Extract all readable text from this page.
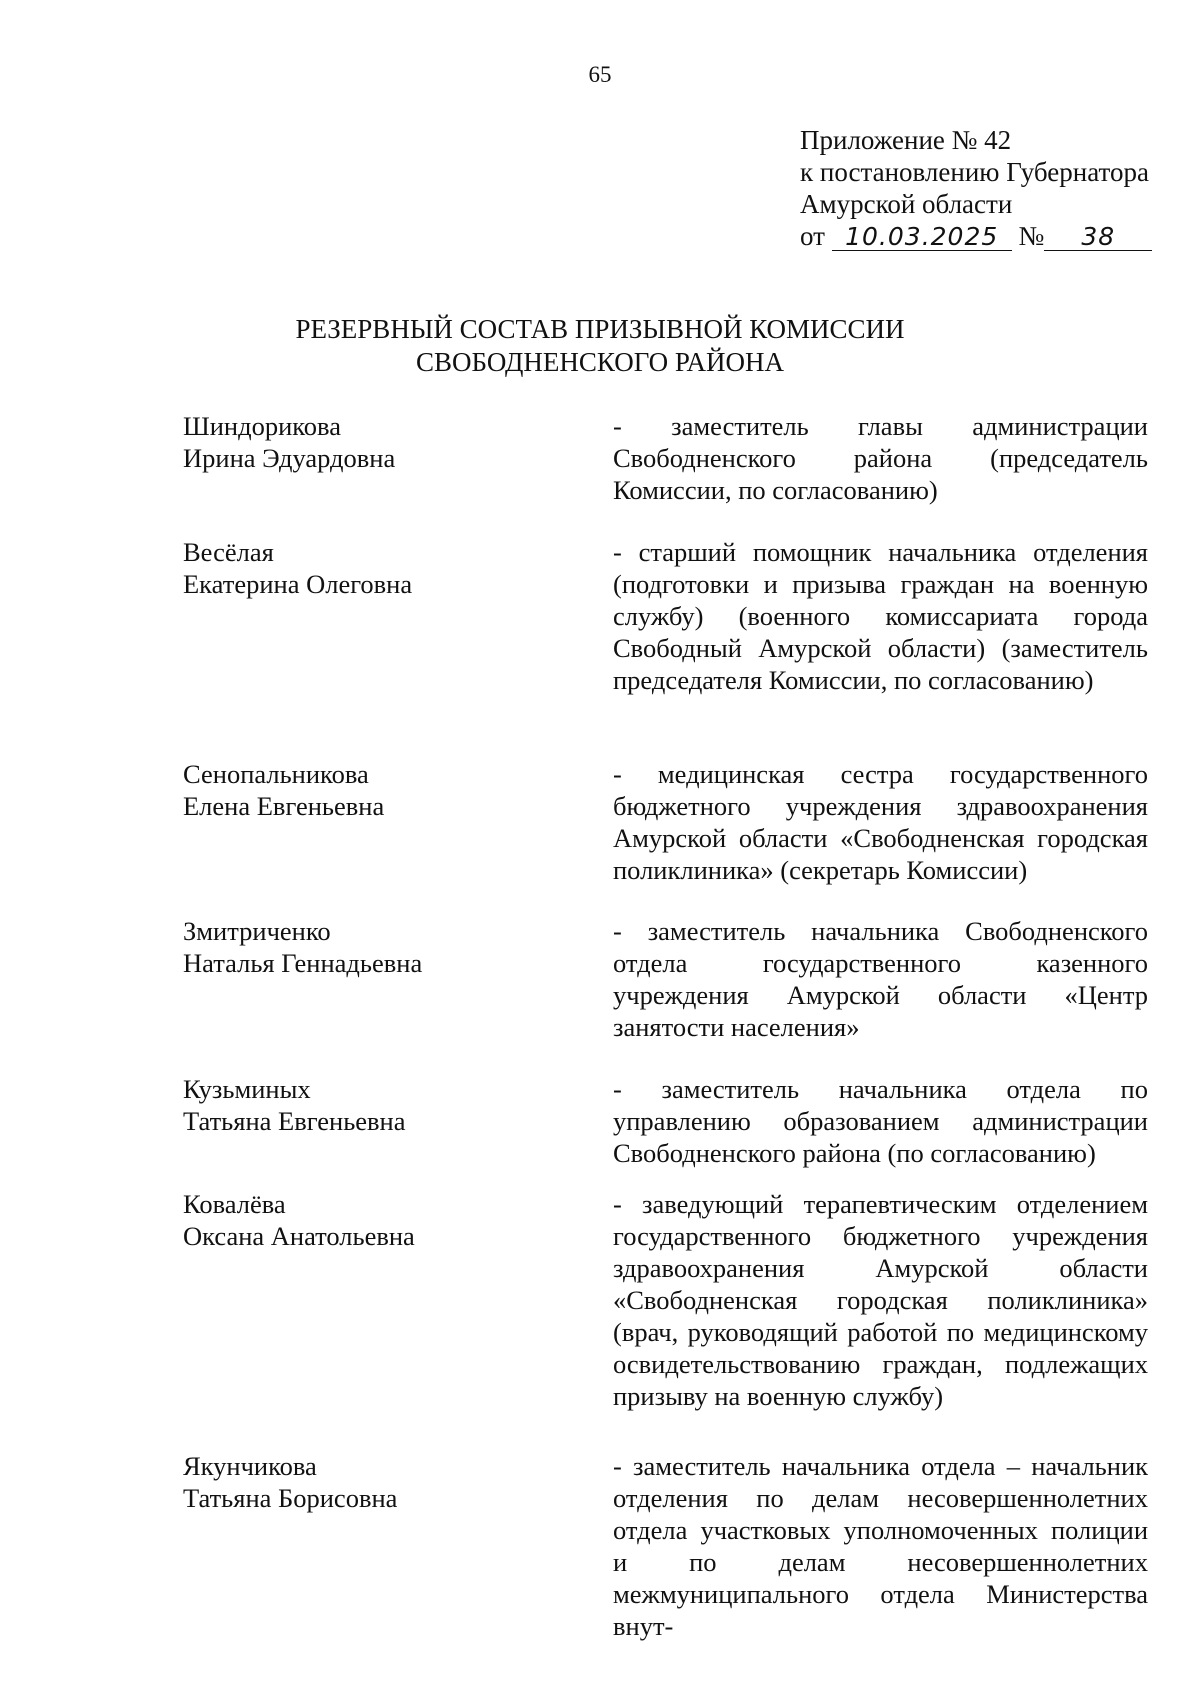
65
Приложение № 42
к постановлению Губернатора
Амурской области
от 10.03.2025 № 38
РЕЗЕРВНЫЙ СОСТАВ ПРИЗЫВНОЙ КОМИССИИ
СВОБОДНЕНСКОГО РАЙОНА
Шиндорикова
Ирина Эдуардовна
- заместитель главы администрации Свободненского района (председатель Комиссии, по согласованию)
Весёлая
Екатерина Олеговна
- старший помощник начальника отделения (подготовки и призыва граждан на военную службу) (военного комиссариата города Свободный Амурской области) (заместитель председателя Комиссии, по согласованию)
Сенопальникова
Елена Евгеньевна
- медицинская сестра государственного бюджетного учреждения здравоохранения Амурской области «Свободненская городская поликлиника» (секретарь Комиссии)
Змитриченко
Наталья Геннадьевна
- заместитель начальника Свободненского отдела государственного казенного учреждения Амурской области «Центр занятости населения»
Кузьминых
Татьяна Евгеньевна
- заместитель начальника отдела по управлению образованием администрации Свободненского района (по согласованию)
Ковалёва
Оксана Анатольевна
- заведующий терапевтическим отделением государственного бюджетного учреждения здравоохранения Амурской области «Свободненская городская поликлиника» (врач, руководящий работой по медицинскому освидетельствованию граждан, подлежащих призыву на военную службу)
Якунчикова
Татьяна Борисовна
- заместитель начальника отдела – начальник отделения по делам несовершеннолетних отдела участковых уполномоченных полиции и по делам несовершеннолетних межмуниципального отдела Министерства внут-
